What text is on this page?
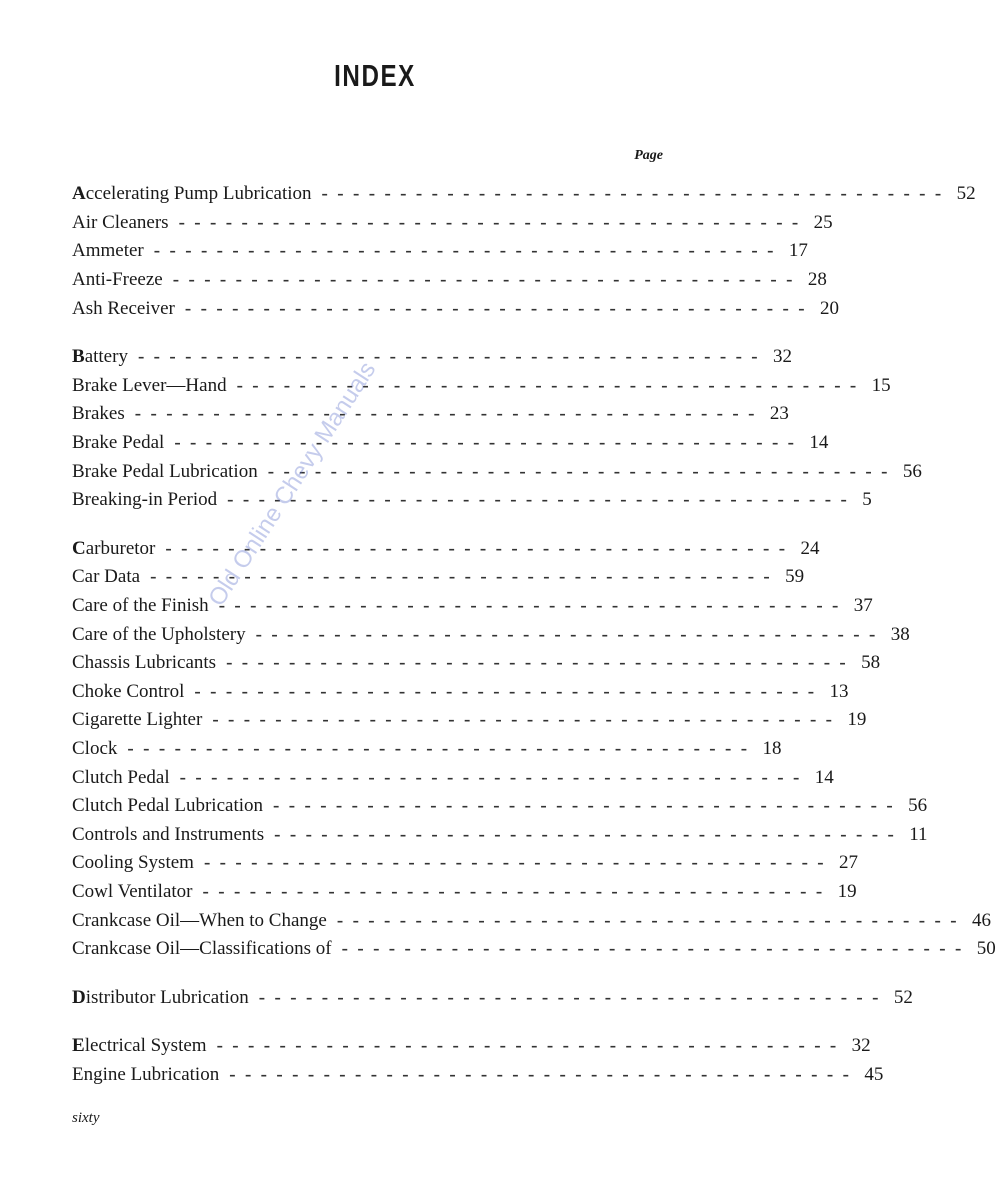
INDEX
Page
Accelerating Pump Lubrication ---------------------------------------- 52
Air Cleaners ---------------------------------------- 25
Ammeter ---------------------------------------- 17
Anti-Freeze ---------------------------------------- 28
Ash Receiver ---------------------------------------- 20
Battery ---------------------------------------- 32
Brake Lever—Hand ---------------------------------------- 15
Brakes ---------------------------------------- 23
Brake Pedal ---------------------------------------- 14
Brake Pedal Lubrication ---------------------------------------- 56
Breaking-in Period ---------------------------------------- 5
Carburetor ---------------------------------------- 24
Car Data ---------------------------------------- 59
Care of the Finish ---------------------------------------- 37
Care of the Upholstery ---------------------------------------- 38
Chassis Lubricants ---------------------------------------- 58
Choke Control ---------------------------------------- 13
Cigarette Lighter ---------------------------------------- 19
Clock ---------------------------------------- 18
Clutch Pedal ---------------------------------------- 14
Clutch Pedal Lubrication ---------------------------------------- 56
Controls and Instruments ---------------------------------------- 11
Cooling System ---------------------------------------- 27
Cowl Ventilator ---------------------------------------- 19
Crankcase Oil—When to Change ---------------------------------------- 46
Crankcase Oil—Classifications of ---------------------------------------- 50
Distributor Lubrication ---------------------------------------- 52
Electrical System ---------------------------------------- 32
Engine Lubrication ---------------------------------------- 45
sixty
Old Online Chevy Manuals
